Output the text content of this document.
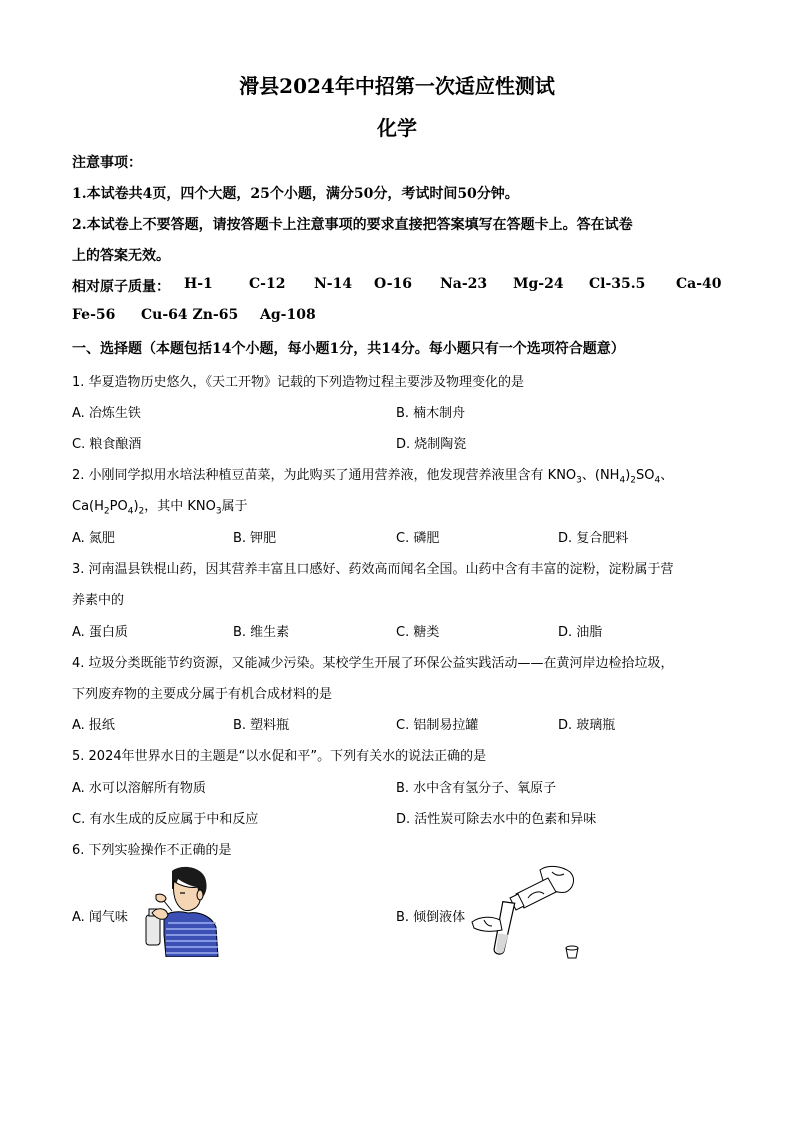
滑县2024年中招第一次适应性测试
化学
注意事项：
1.本试卷共4页，四个大题，25个小题，满分50分，考试时间50分钟。
2.本试卷上不要答题，请按答题卡上注意事项的要求直接把答案填写在答题卡上。答在试卷
上的答案无效。
相对原子质量： H-1	C-12 N-14 O-16 Na-23 Mg-24 Cl-35.5 Ca-40
Fe-56 Cu-64 Zn-65 Ag-108
一、选择题（本题包括14个小题，每小题1分，共14分。每小题只有一个选项符合题意）
1. 华夏造物历史悠久，《天工开物》记载的下列造物过程主要涉及物理变化的是
A. 冶炼生铁	B. 楠木制舟
C. 粮食酿酒	D. 烧制陶瓷
2. 小刚同学拟用水培法种植豆苗菜，为此购买了通用营养液，他发现营养液里含有 $KNO_3$、$(NH_4)_2SO_4$、
$Ca(H_2PO_4)_2$，其中 $KNO_3$属于
A. 氮肥	B. 钾肥	C. 磷肥	D. 复合肥料
3. 河南温县铁棍山药，因其营养丰富且口感好、药效高而闻名全国。山药中含有丰富的淀粉，淀粉属于营
养素中的
A. 蛋白质	B. 维生素	C. 糖类	D. 油脂
4. 垃圾分类既能节约资源，又能减少污染。某校学生开展了环保公益实践活动——在黄河岸边检拾垃圾，
下列废弃物的主要成分属于有机合成材料的是
A. 报纸	B. 塑料瓶	C. 铝制易拉罐	D. 玻璃瓶
5. 2024年世界水日的主题是“以水促和平”。下列有关水的说法正确的是
A. 水可以溶解所有物质	B. 水中含有氢分子、氧原子
C. 有水生成的反应属于中和反应	D. 活性炭可除去水中的色素和异味
6. 下列实验操作不正确的是
A. 闻气味	B. 倾倒液体
